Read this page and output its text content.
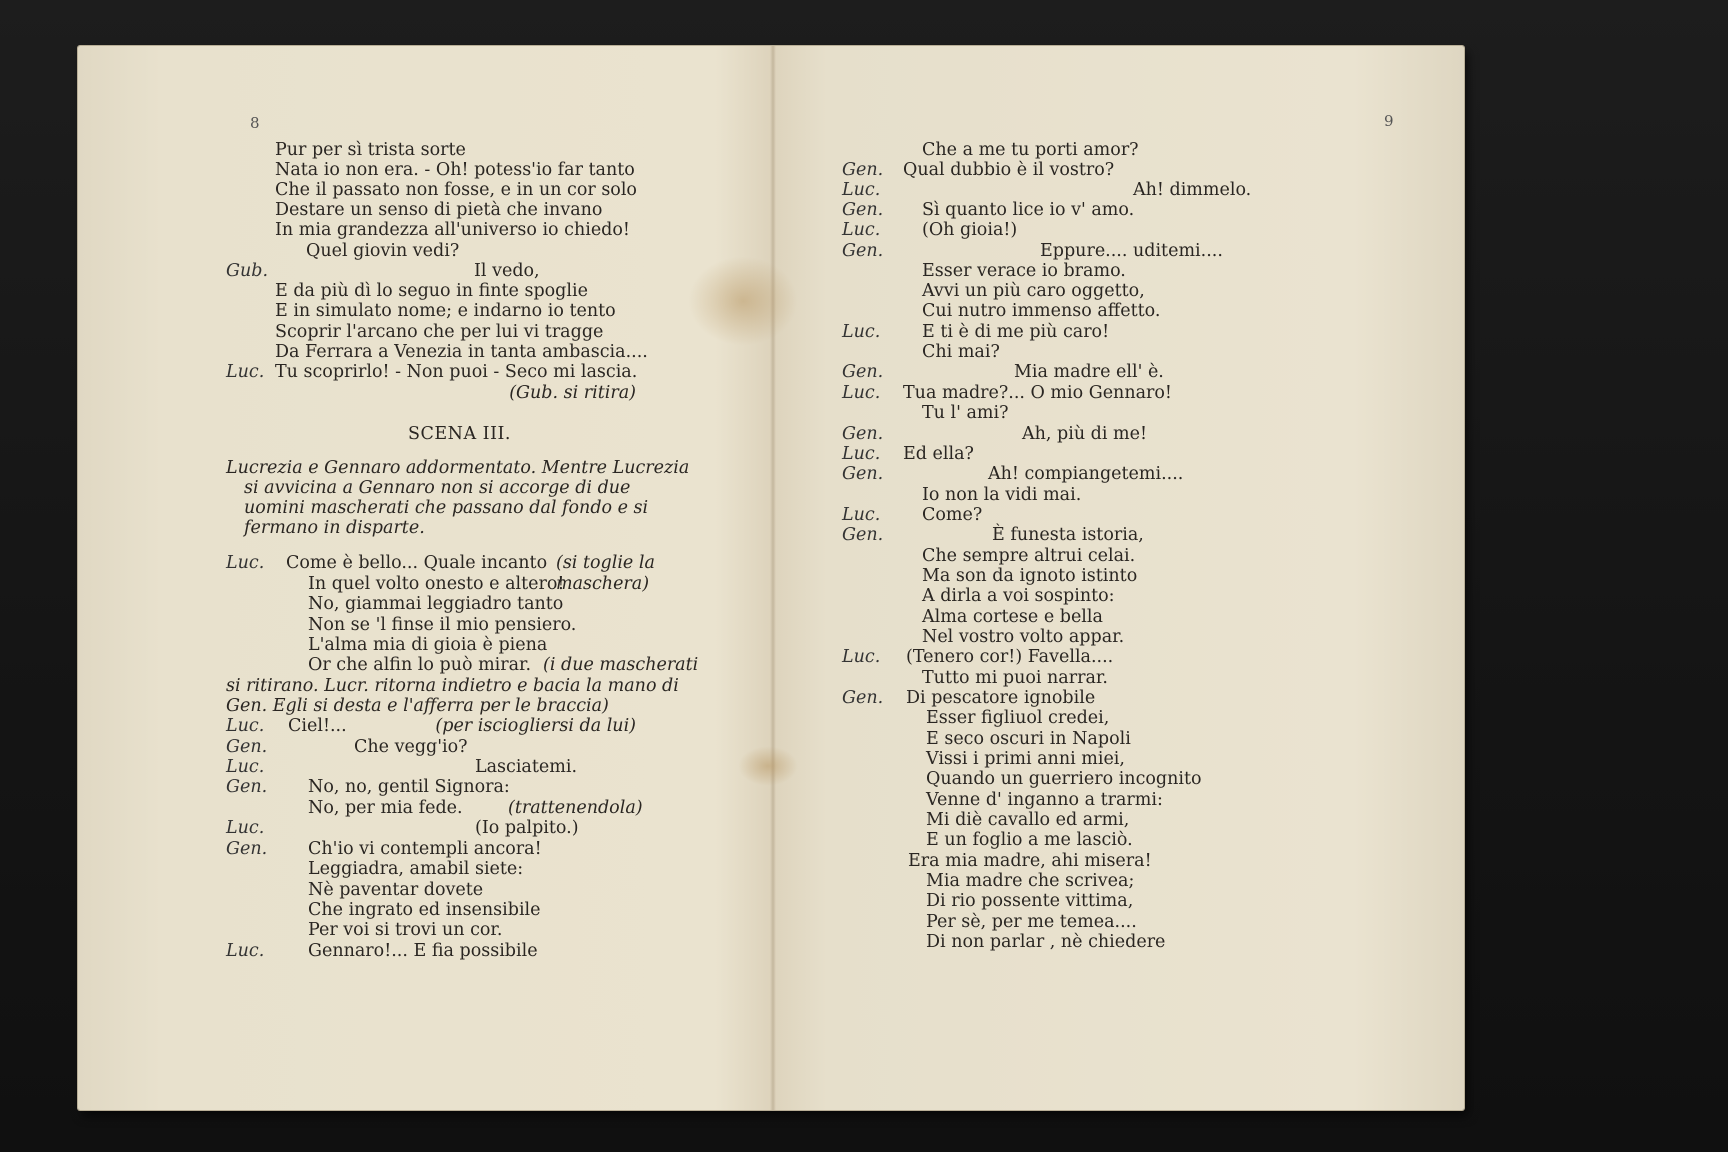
8
Pur per sì trista sorte
Nata io non era. - Oh! potess'io far tanto
Che il passato non fosse, e in un cor solo
Destare un senso di pietà che invano
In mia grandezza all'universo io chiedo!
Quel giovin vedi?
Gub.	Il vedo,
E da più dì lo seguo in finte spoglie
E in simulato nome; e indarno io tento
Scoprir l'arcano che per lui vi tragge
Da Ferrara a Venezia in tanta ambascia....
Luc. Tu scoprirlo! - Non puoi - Seco mi lascia.
(Gub. si ritira)
SCENA III.
Lucrezia e Gennaro addormentato. Mentre Lucrezia
si avvicina a Gennaro non si accorge di due
uomini mascherati che passano dal fondo e si
fermano in disparte.
Luc. Come è bello... Quale incanto (si toglie la
In quel volto onesto e altero!
maschera)
No, giammai leggiadro tanto
Non se 'l finse il mio pensiero.
L'alma mia di gioia è piena
Or che alfin lo può mirar. (i due mascherati
si ritirano. Lucr. ritorna indietro e bacia la mano di
Gen. Egli si desta e l'afferra per le braccia)
Luc. Ciel!...	(per isciogliersi da lui)
Gen.	Che vegg'io?
Luc.	Lasciatemi.
Gen. No, no, gentil Signora:
No, per mia fede.	(trattenendola)
Luc.	(Io palpito.)
Gen. Ch'io vi contempli ancora!
Leggiadra, amabil siete:
Nè paventar dovete
Che ingrato ed insensibile
Per voi si trovi un cor.
Luc. Gennaro!... E fia possibile
9
Che a me tu porti amor?
Gen. Qual dubbio è il vostro?
Luc.	Ah! dimmelo.
Gen. Sì quanto lice io v' amo.
Luc. (Oh gioia!)
Gen.	Eppure.... uditemi....
Esser verace io bramo.
Avvi un più caro oggetto,
Cui nutro immenso affetto.
Luc. E ti è di me più caro!
Chi mai?
Gen.	Mia madre ell' è.
Luc. Tua madre?... O mio Gennaro!
Tu l' ami?
Gen.	Ah, più di me!
Luc. Ed ella?
Gen.	Ah! compiangetemi....
Io non la vidi mai.
Luc. Come?
Gen.	È funesta istoria,
Che sempre altrui celai.
Ma son da ignoto istinto
A dirla a voi sospinto:
Alma cortese e bella
Nel vostro volto appar.
Luc. (Tenero cor!) Favella....
Tutto mi puoi narrar.
Gen. Di pescatore ignobile
Esser figliuol credei,
E seco oscuri in Napoli
Vissi i primi anni miei,
Quando un guerriero incognito
Venne d' inganno a trarmi:
Mi diè cavallo ed armi,
E un foglio a me lasciò.
Era mia madre, ahi misera!
Mia madre che scrivea;
Di rio possente vittima,
Per sè, per me temea....
Di non parlar , nè chiedere
